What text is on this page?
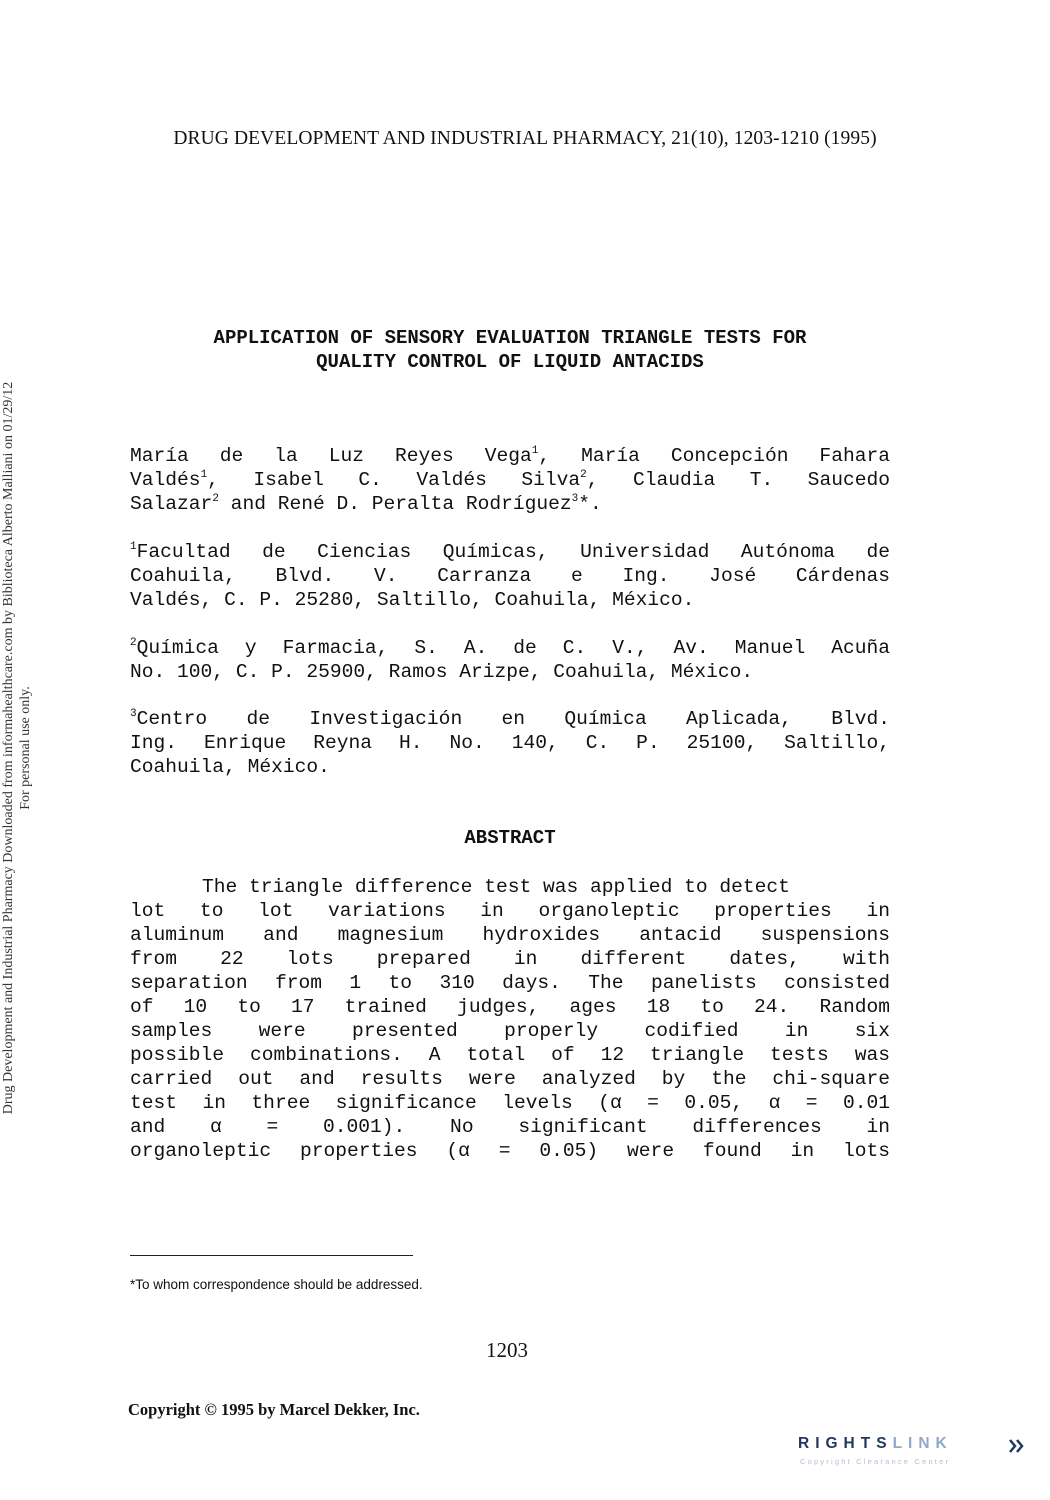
DRUG DEVELOPMENT AND INDUSTRIAL PHARMACY, 21(10), 1203-1210 (1995)
Drug Development and Industrial Pharmacy Downloaded from informahealthcare.com by Biblioteca Alberto Malliani on 01/29/12 For personal use only.
APPLICATION OF SENSORY EVALUATION TRIANGLE TESTS FOR
QUALITY CONTROL OF LIQUID ANTACIDS
María de la Luz Reyes Vega$^1$, María Concepción Fahara
Valdés$^1$, Isabel C. Valdés Silva$^2$, Claudia T. Saucedo
Salazar$^2$ and René D. Peralta Rodríguez$^3$*.
$^1$Facultad de Ciencias Químicas, Universidad Autónoma de
Coahuila, Blvd. V. Carranza e Ing. José Cárdenas
Valdés, C. P. 25280, Saltillo, Coahuila, México.
$^2$Química y Farmacia, S. A. de C. V., Av. Manuel Acuña
No. 100, C. P. 25900, Ramos Arizpe, Coahuila, México.
$^3$Centro de Investigación en Química Aplicada, Blvd.
Ing. Enrique Reyna H. No. 140, C. P. 25100, Saltillo,
Coahuila, México.
ABSTRACT
The triangle difference test was applied to detect
lot to lot variations in organoleptic properties in
aluminum and magnesium hydroxides antacid suspensions
from 22 lots prepared in different dates, with
separation from 1 to 310 days. The panelists consisted
of 10 to 17 trained judges, ages 18 to 24. Random
samples were presented properly codified in six
possible combinations. A total of 12 triangle tests was
carried out and results were analyzed by the chi-square
test in three significance levels (α = 0.05, α = 0.01
and α = 0.001). No significant differences in
organoleptic properties (α = 0.05) were found in lots
*To whom correspondence should be addressed.
1203
Copyright © 1995 by Marcel Dekker, Inc.
RIGHTSLINK
Copyright Clearance Center
